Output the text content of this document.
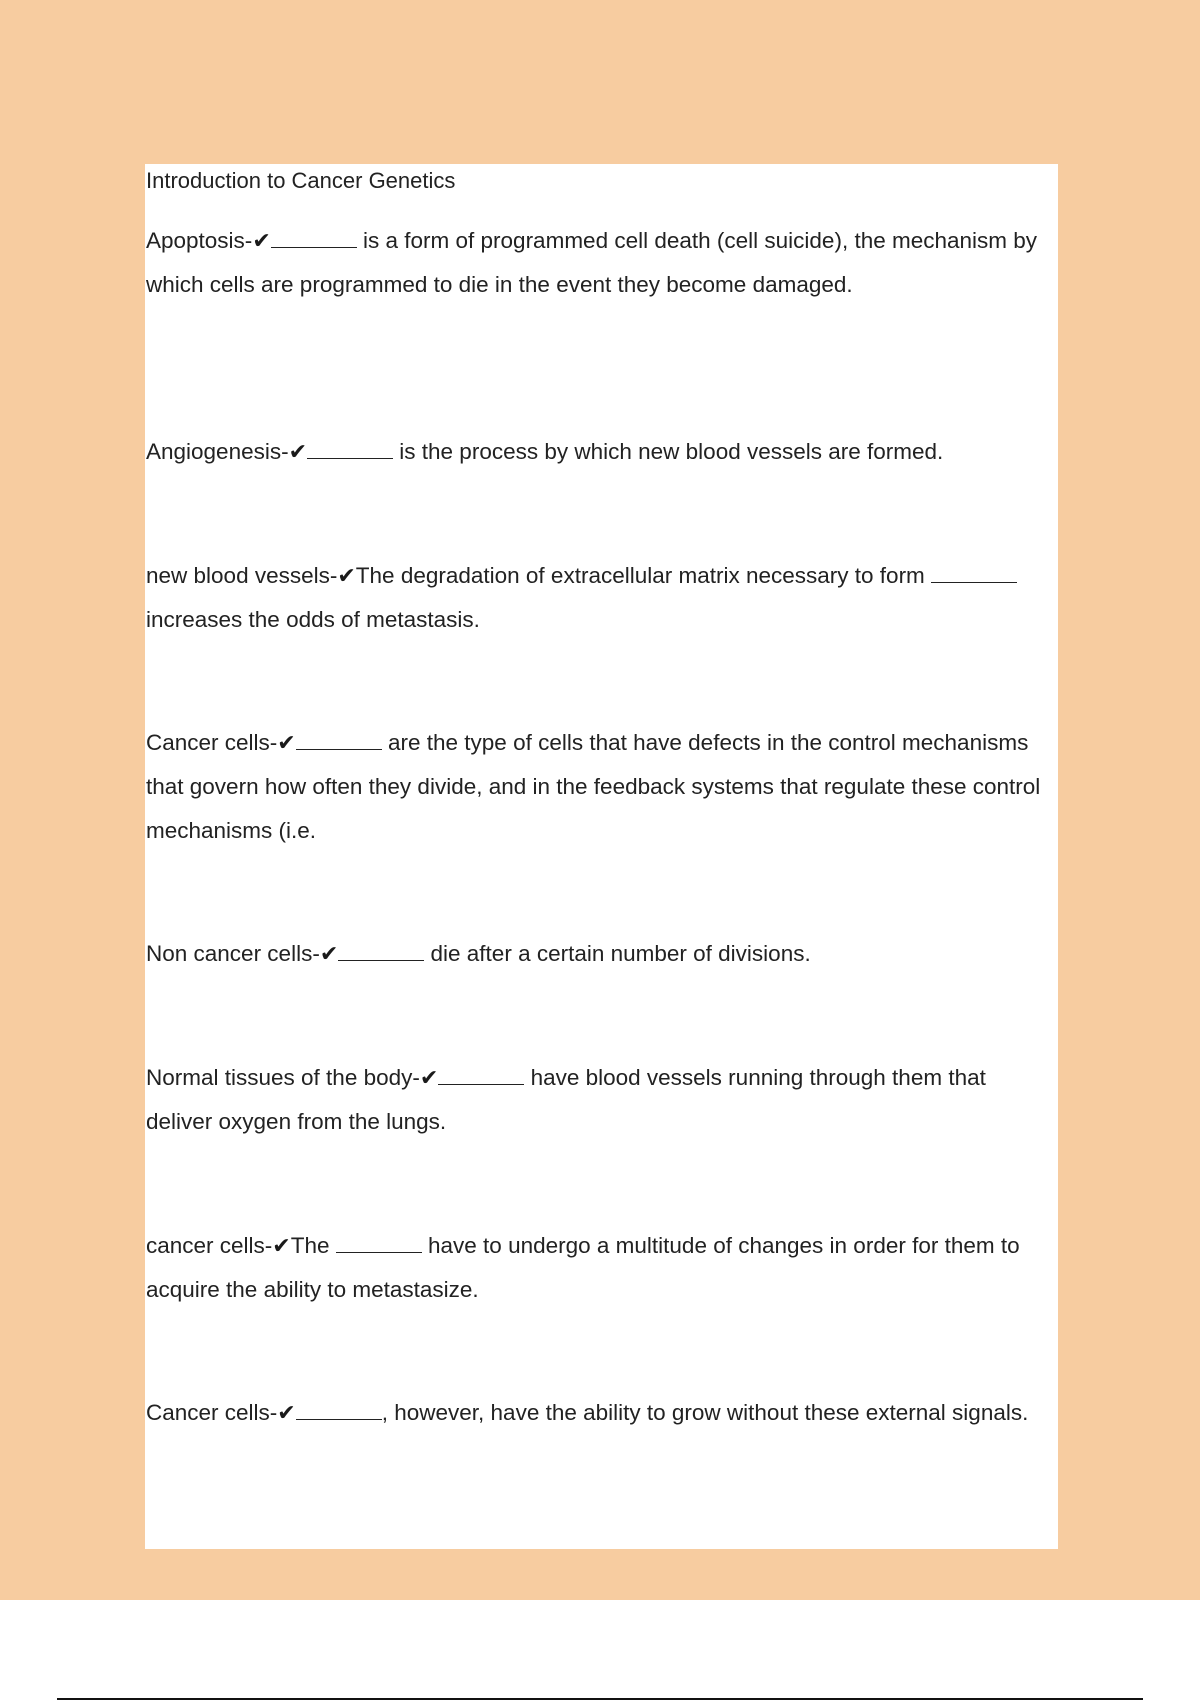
Introduction to Cancer Genetics
Apoptosis-✔	is a form of programmed cell death (cell suicide), the mechanism by which cells are programmed to die in the event they become damaged.
Angiogenesis-✔	is the process by which new blood vessels are formed.
new blood vessels-✔The degradation of extracellular matrix necessary to form  increases the odds of metastasis.
Cancer cells-✔	are the type of cells that have defects in the control mechanisms that govern how often they divide, and in the feedback systems that regulate these control mechanisms (i.e.
Non cancer cells-✔	die after a certain number of divisions.
Normal tissues of the body-✔	have blood vessels running through them that deliver oxygen from the lungs.
cancer cells-✔The	have to undergo a multitude of changes in order for them to acquire the ability to metastasize.
Cancer cells-✔	, however, have the ability to grow without these external signals.
